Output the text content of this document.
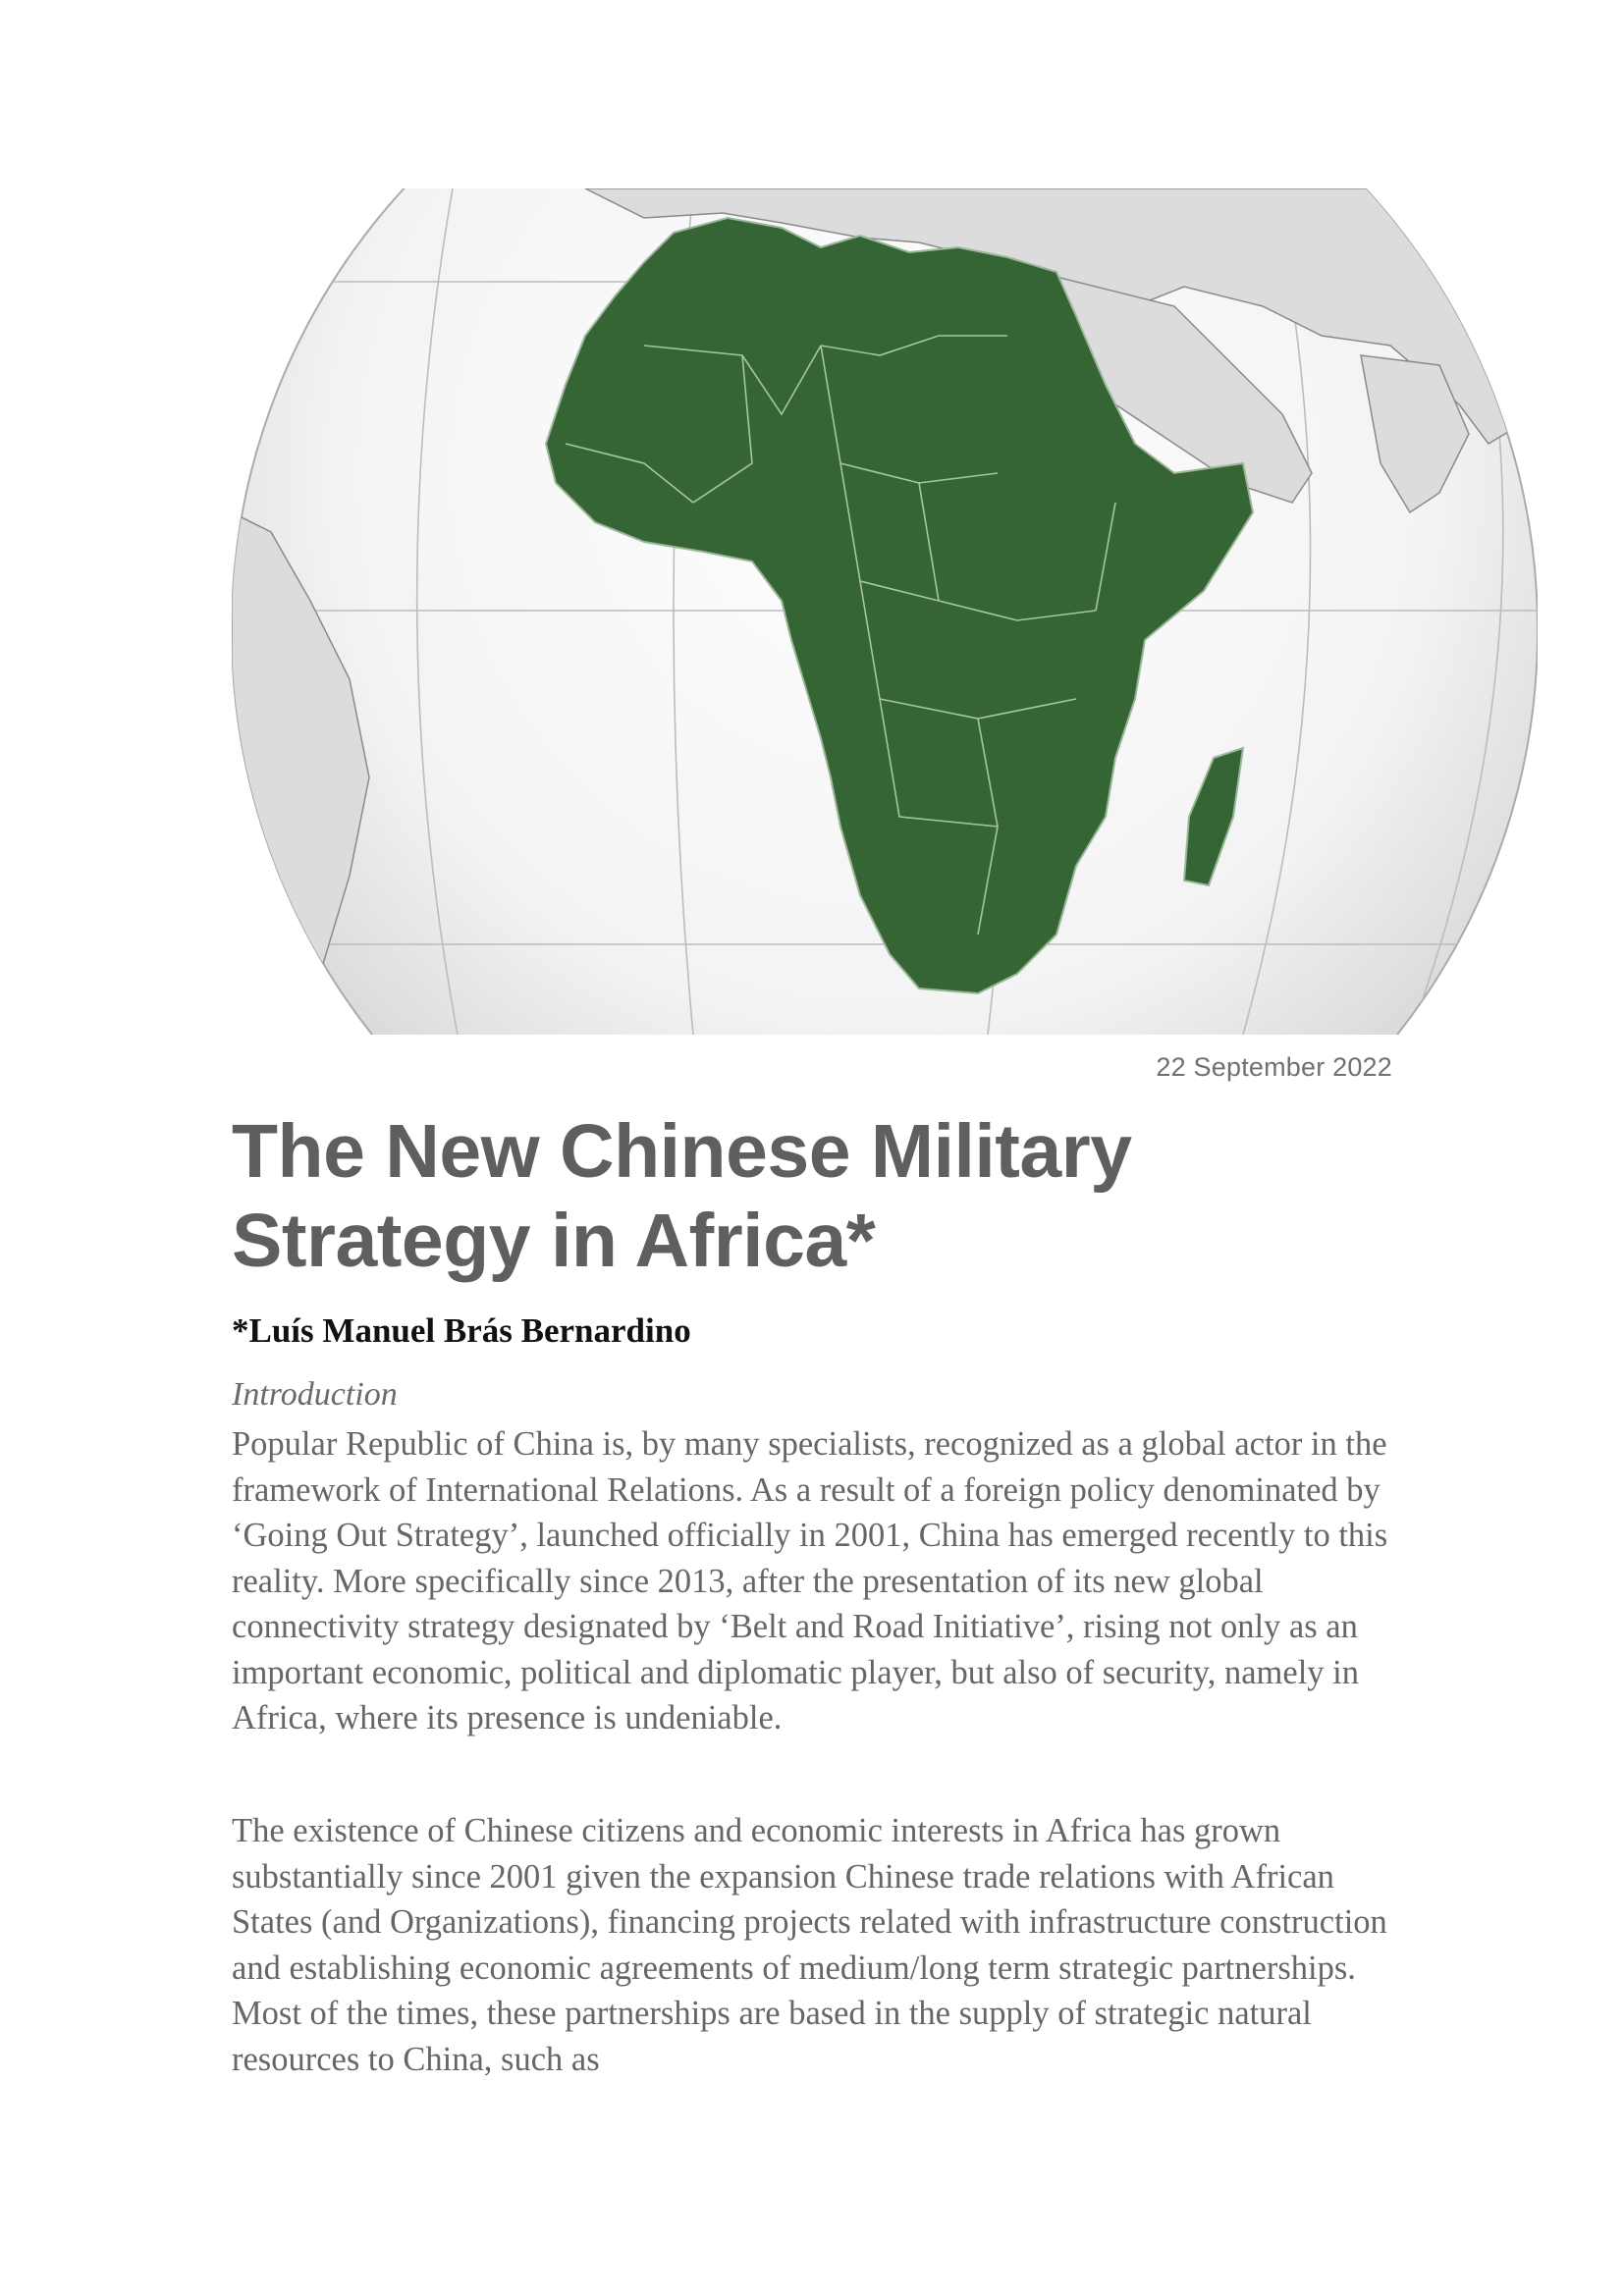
22 September 2022
The New Chinese Military Strategy in Africa*

*Luís Manuel Brás Bernardino

Introduction

Popular Republic of China is, by many specialists, recognized as a global actor in the framework of International Relations. As a result of a foreign policy denominated by ‘Going Out Strategy’, launched officially in 2001, China has emerged recently to this reality. More specifically since 2013, after the presentation of its new global connectivity strategy designated by ‘Belt and Road Initiative’, rising not only as an important economic, political and diplomatic player, but also of security, namely in Africa, where its presence is undeniable.

The existence of Chinese citizens and economic interests in Africa has grown substantially since 2001 given the expansion Chinese trade relations with African States (and Organizations), financing projects related with infrastructure construction and establishing economic agreements of medium/long term strategic partnerships. Most of the times, these partnerships are based in the supply of strategic natural resources to China, such as
